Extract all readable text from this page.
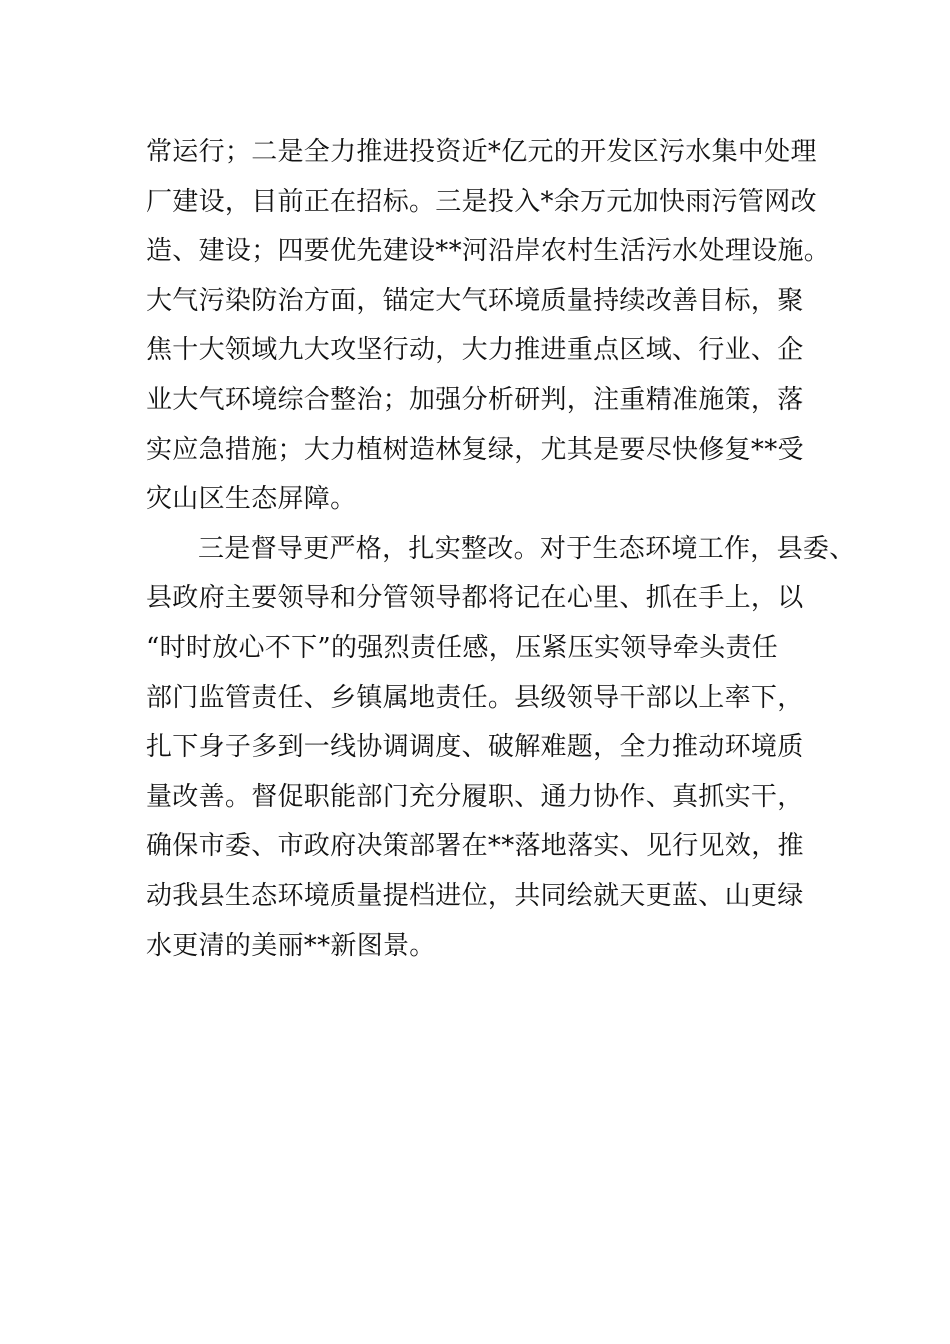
常运行；二是全力推进投资近*亿元的开发区污水集中处理
厂建设，目前正在招标。三是投入*余万元加快雨污管网改
造、建设；四要优先建设**河沿岸农村生活污水处理设施。
大气污染防治方面，锚定大气环境质量持续改善目标，聚
焦十大领域九大攻坚行动，大力推进重点区域、行业、企
业大气环境综合整治；加强分析研判，注重精准施策，落
实应急措施；大力植树造林复绿，尤其是要尽快修复**受
灾山区生态屏障。
三是督导更严格，扎实整改。对于生态环境工作，县委、
县政府主要领导和分管领导都将记在心里、抓在手上，以
“时时放心不下”的强烈责任感，压紧压实领导牵头责任
部门监管责任、乡镇属地责任。县级领导干部以上率下，
扎下身子多到一线协调调度、破解难题，全力推动环境质
量改善。督促职能部门充分履职、通力协作、真抓实干，
确保市委、市政府决策部署在**落地落实、见行见效，推
动我县生态环境质量提档进位，共同绘就天更蓝、山更绿
水更清的美丽**新图景。
